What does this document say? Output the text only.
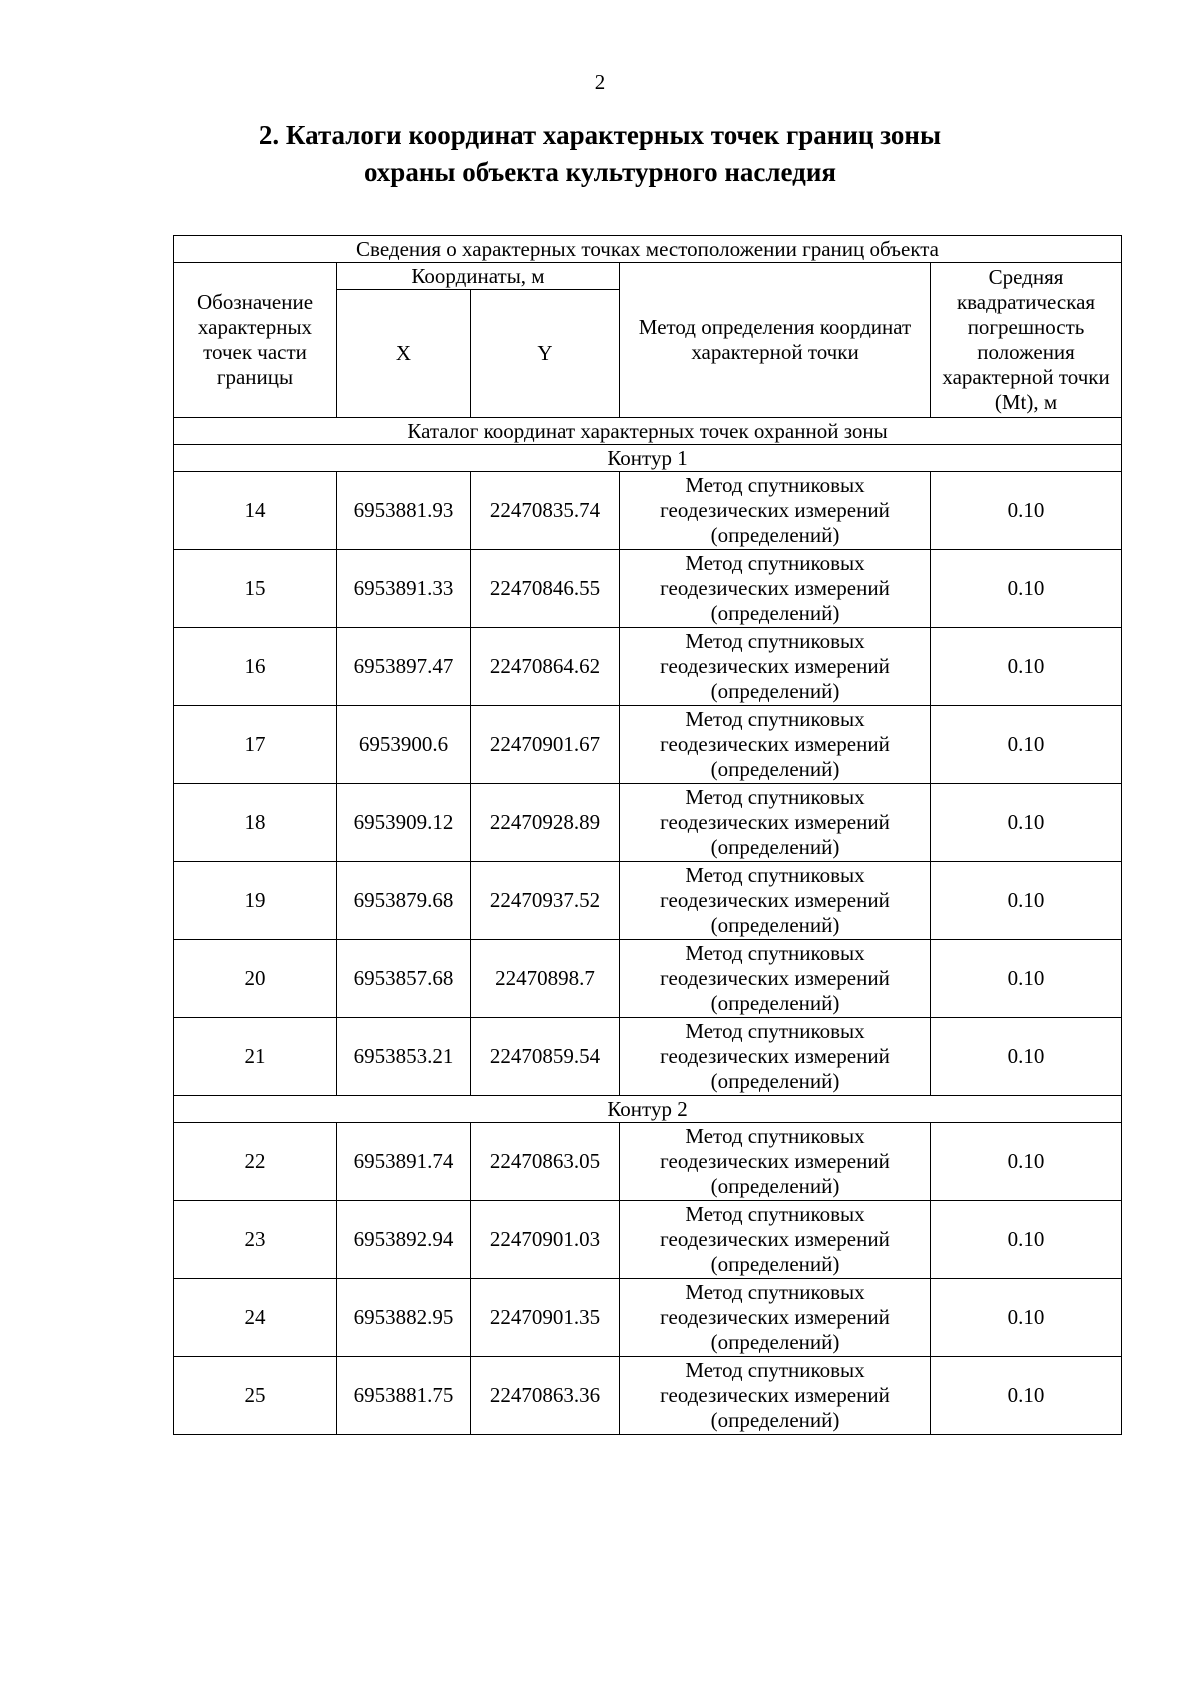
2
2. Каталоги координат характерных точек границ зоны
охраны объекта культурного наследия
Сведения о характерных точках местоположении границ объекта				
Обозначение характерных точек части границы	Координаты, м		Метод определения координат характерной точки	Средняя квадратическая погрешность положения характерной точки (Mt), м
	X	Y		
Каталог координат характерных точек охранной зоны				
Контур 1				
14	6953881.93	22470835.74	Метод спутниковых геодезических измерений (определений)	0.10
15	6953891.33	22470846.55	Метод спутниковых геодезических измерений (определений)	0.10
16	6953897.47	22470864.62	Метод спутниковых геодезических измерений (определений)	0.10
17	6953900.6	22470901.67	Метод спутниковых геодезических измерений (определений)	0.10
18	6953909.12	22470928.89	Метод спутниковых геодезических измерений (определений)	0.10
19	6953879.68	22470937.52	Метод спутниковых геодезических измерений (определений)	0.10
20	6953857.68	22470898.7	Метод спутниковых геодезических измерений (определений)	0.10
21	6953853.21	22470859.54	Метод спутниковых геодезических измерений (определений)	0.10
Контур 2				
22	6953891.74	22470863.05	Метод спутниковых геодезических измерений (определений)	0.10
23	6953892.94	22470901.03	Метод спутниковых геодезических измерений (определений)	0.10
24	6953882.95	22470901.35	Метод спутниковых геодезических измерений (определений)	0.10
25	6953881.75	22470863.36	Метод спутниковых геодезических измерений (определений)	0.10
